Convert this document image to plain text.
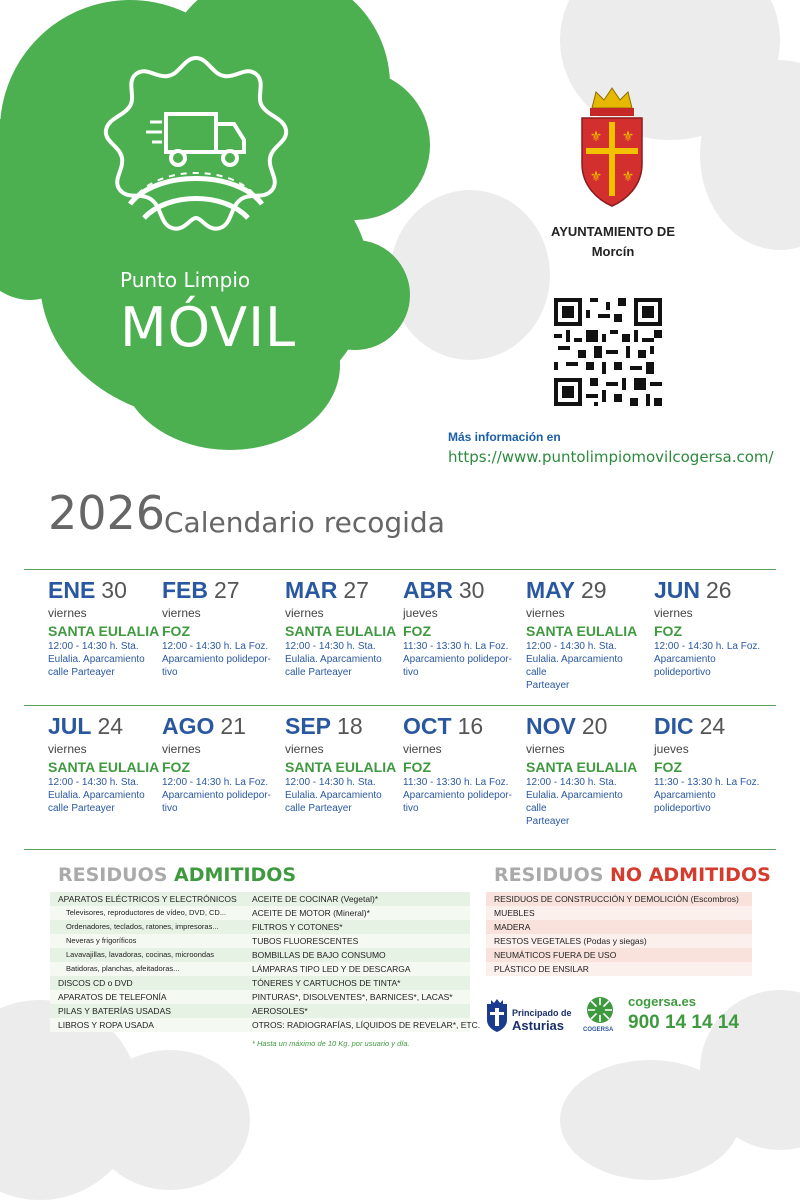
Punto Limpio
MÓVIL
⚜ ⚜
⚜ ⚜
AYUNTAMIENTO DE
Morcín
Más información en
https://www.puntolimpiomovilcogersa.com/
2026
Calendario recogida
ENE 30
viernes
SANTA EULALIA
12:00 - 14:30 h. Sta.
Eulalia. Aparcamiento
calle Parteayer
FEB 27
viernes
FOZ
12:00 - 14:30 h. La Foz.
Aparcamiento polidepor-
tivo
MAR 27
viernes
SANTA EULALIA
12:00 - 14:30 h. Sta.
Eulalia. Aparcamiento
calle Parteayer
ABR 30
jueves
FOZ
11:30 - 13:30 h. La Foz.
Aparcamiento polidepor-
tivo
MAY 29
viernes
SANTA EULALIA
12:00 - 14:30 h. Sta.
Eulalia. Aparcamiento calle
Parteayer
JUN 26
viernes
FOZ
12:00 - 14:30 h. La Foz.
Aparcamiento polideportivo
JUL 24
viernes
SANTA EULALIA
12:00 - 14:30 h. Sta.
Eulalia. Aparcamiento
calle Parteayer
AGO 21
viernes
FOZ
12:00 - 14:30 h. La Foz.
Aparcamiento polidepor-
tivo
SEP 18
viernes
SANTA EULALIA
12:00 - 14:30 h. Sta.
Eulalia. Aparcamiento
calle Parteayer
OCT 16
viernes
FOZ
11:30 - 13:30 h. La Foz.
Aparcamiento polidepor-
tivo
NOV 20
viernes
SANTA EULALIA
12:00 - 14:30 h. Sta.
Eulalia. Aparcamiento calle
Parteayer
DIC 24
jueves
FOZ
11:30 - 13:30 h. La Foz.
Aparcamiento polideportivo
RESIDUOS ADMITIDOS
APARATOS ELÉCTRICOS Y ELECTRÓNICOS
Televisores, reproductores de vídeo, DVD, CD...
Ordenadores, teclados, ratones, impresoras...
Neveras y frigoríficos
Lavavajillas, lavadoras, cocinas, microondas
Batidoras, planchas, afeitadoras...
DISCOS CD o DVD
APARATOS DE TELEFONÍA
PILAS Y BATERÍAS USADAS
LIBROS Y ROPA USADA
ACEITE DE COCINAR (Vegetal)*
ACEITE DE MOTOR (Mineral)*
FILTROS Y COTONES*
TUBOS FLUORESCENTES
BOMBILLAS DE BAJO CONSUMO
LÁMPARAS TIPO LED Y DE DESCARGA
TÓNERES Y CARTUCHOS DE TINTA*
PINTURAS*, DISOLVENTES*, BARNICES*, LACAS*
AEROSOLES*
OTROS: RADIOGRAFÍAS, LÍQUIDOS DE REVELAR*, ETC.
* Hasta un máximo de 10 Kg. por usuario y día.
RESIDUOS NO ADMITIDOS
RESIDUOS DE CONSTRUCCIÓN Y DEMOLICIÓN (Escombros)
MUEBLES
MADERA
RESTOS VEGETALES (Podas y siegas)
NEUMÁTICOS FUERA DE USO
PLÁSTICO DE ENSILAR
Principado de
Asturias	COGERSA
cogersa.es
900 14 14 14
